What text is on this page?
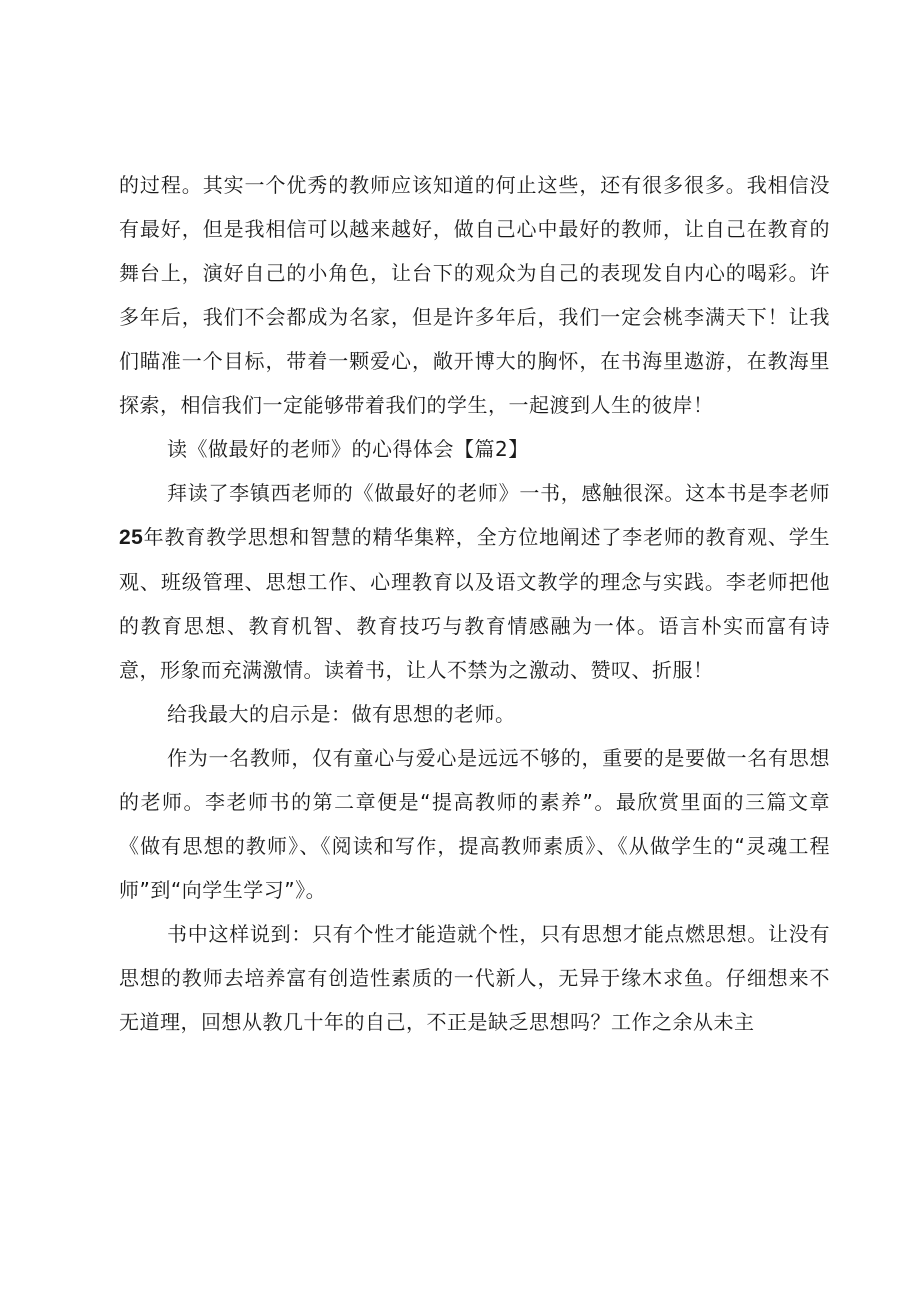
的过程。其实一个优秀的教师应该知道的何止这些，还有很多很多。我相信没有最好，但是我相信可以越来越好，做自己心中最好的教师，让自己在教育的舞台上，演好自己的小角色，让台下的观众为自己的表现发自内心的喝彩。许多年后，我们不会都成为名家，但是许多年后，我们一定会桃李满天下！让我们瞄准一个目标，带着一颗爱心，敞开博大的胸怀，在书海里遨游，在教海里探索，相信我们一定能够带着我们的学生，一起渡到人生的彼岸！

读《做最好的老师》的心得体会【篇2】

拜读了李镇西老师的《做最好的老师》一书，感触很深。这本书是李老师25年教育教学思想和智慧的精华集粹，全方位地阐述了李老师的教育观、学生观、班级管理、思想工作、心理教育以及语文教学的理念与实践。李老师把他的教育思想、教育机智、教育技巧与教育情感融为一体。语言朴实而富有诗意，形象而充满激情。读着书，让人不禁为之激动、赞叹、折服！

给我最大的启示是：做有思想的老师。

作为一名教师，仅有童心与爱心是远远不够的，重要的是要做一名有思想的老师。李老师书的第二章便是“提高教师的素养”。最欣赏里面的三篇文章《做有思想的教师》、《阅读和写作，提高教师素质》、《从做学生的“灵魂工程师”到“向学生学习”》。

书中这样说到：只有个性才能造就个性，只有思想才能点燃思想。让没有思想的教师去培养富有创造性素质的一代新人，无异于缘木求鱼。仔细想来不无道理，回想从教几十年的自己，不正是缺乏思想吗？工作之余从未主
